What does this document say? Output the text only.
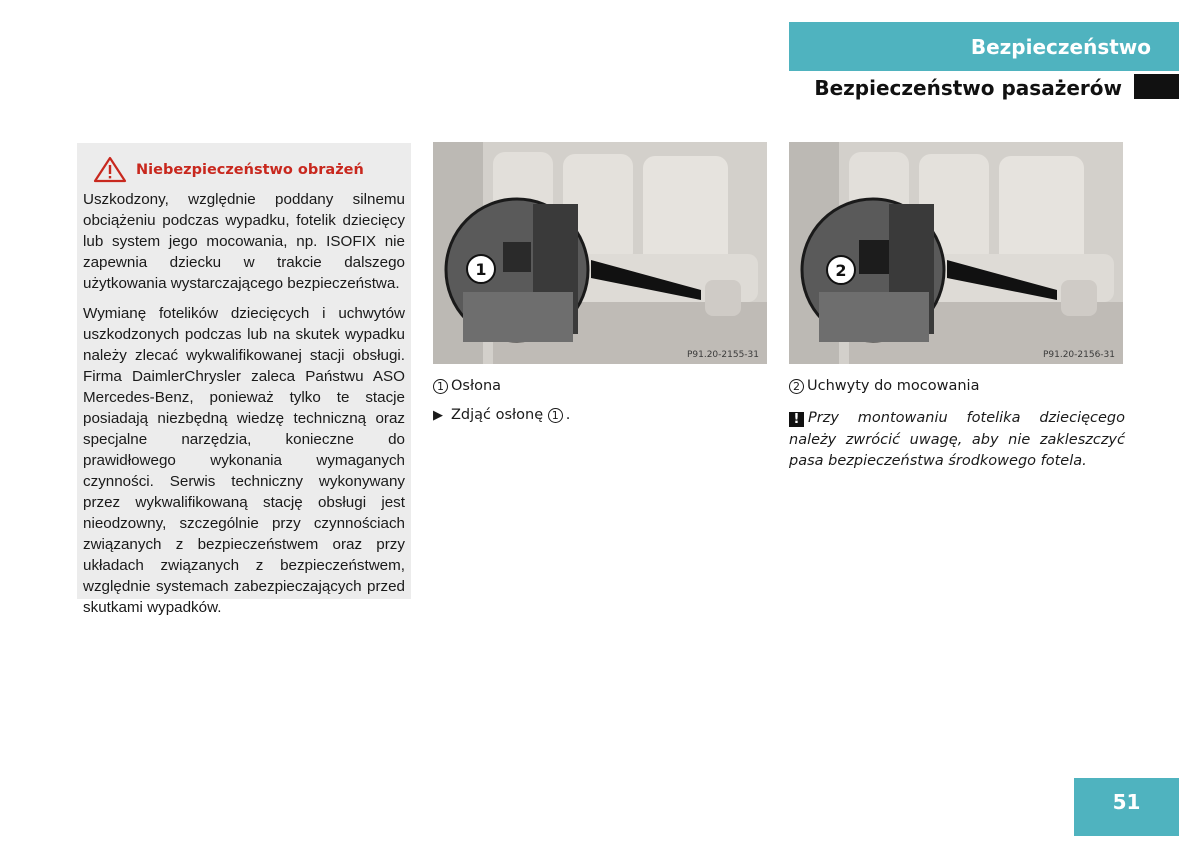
Bezpieczeństwo
Bezpieczeństwo pasażerów
Niebezpieczeństwo obrażeń

Uszkodzony, względnie poddany silnemu obciążeniu podczas wypadku, fotelik dziecięcy lub system jego mocowania, np. ISOFIX nie zapewnia dziecku w trakcie dalszego użytkowania wystarczającego bezpieczeństwa.

Wymianę fotelików dziecięcych i uchwytów uszkodzonych podczas lub na skutek wypadku należy zlecać wykwalifikowanej stacji obsługi. Firma DaimlerChrysler zaleca Państwu ASO Mercedes-Benz, ponieważ tylko te stacje posiadają niezbędną wiedzę techniczną oraz specjalne narzędzia, konieczne do prawidłowego wykonania wymaganych czynności. Serwis techniczny wykonywany przez wykwalifikowaną stację obsługi jest nieodzowny, szczególnie przy czynnościach związanych z bezpieczeństwem oraz przy układach związanych z bezpieczeństwem, względnie systemach zabezpieczających przed skutkami wypadków.

1
P91.20-2155-31
2
P91.20-2156-31
1 Osłona
▶ Zdjąć osłonę
1 .
2 Uchwyty do mocowania
! Przy montowaniu fotelika dziecięcego należy zwrócić uwagę, aby nie zakleszczyć pasa bezpieczeństwa środkowego fotela.
51
